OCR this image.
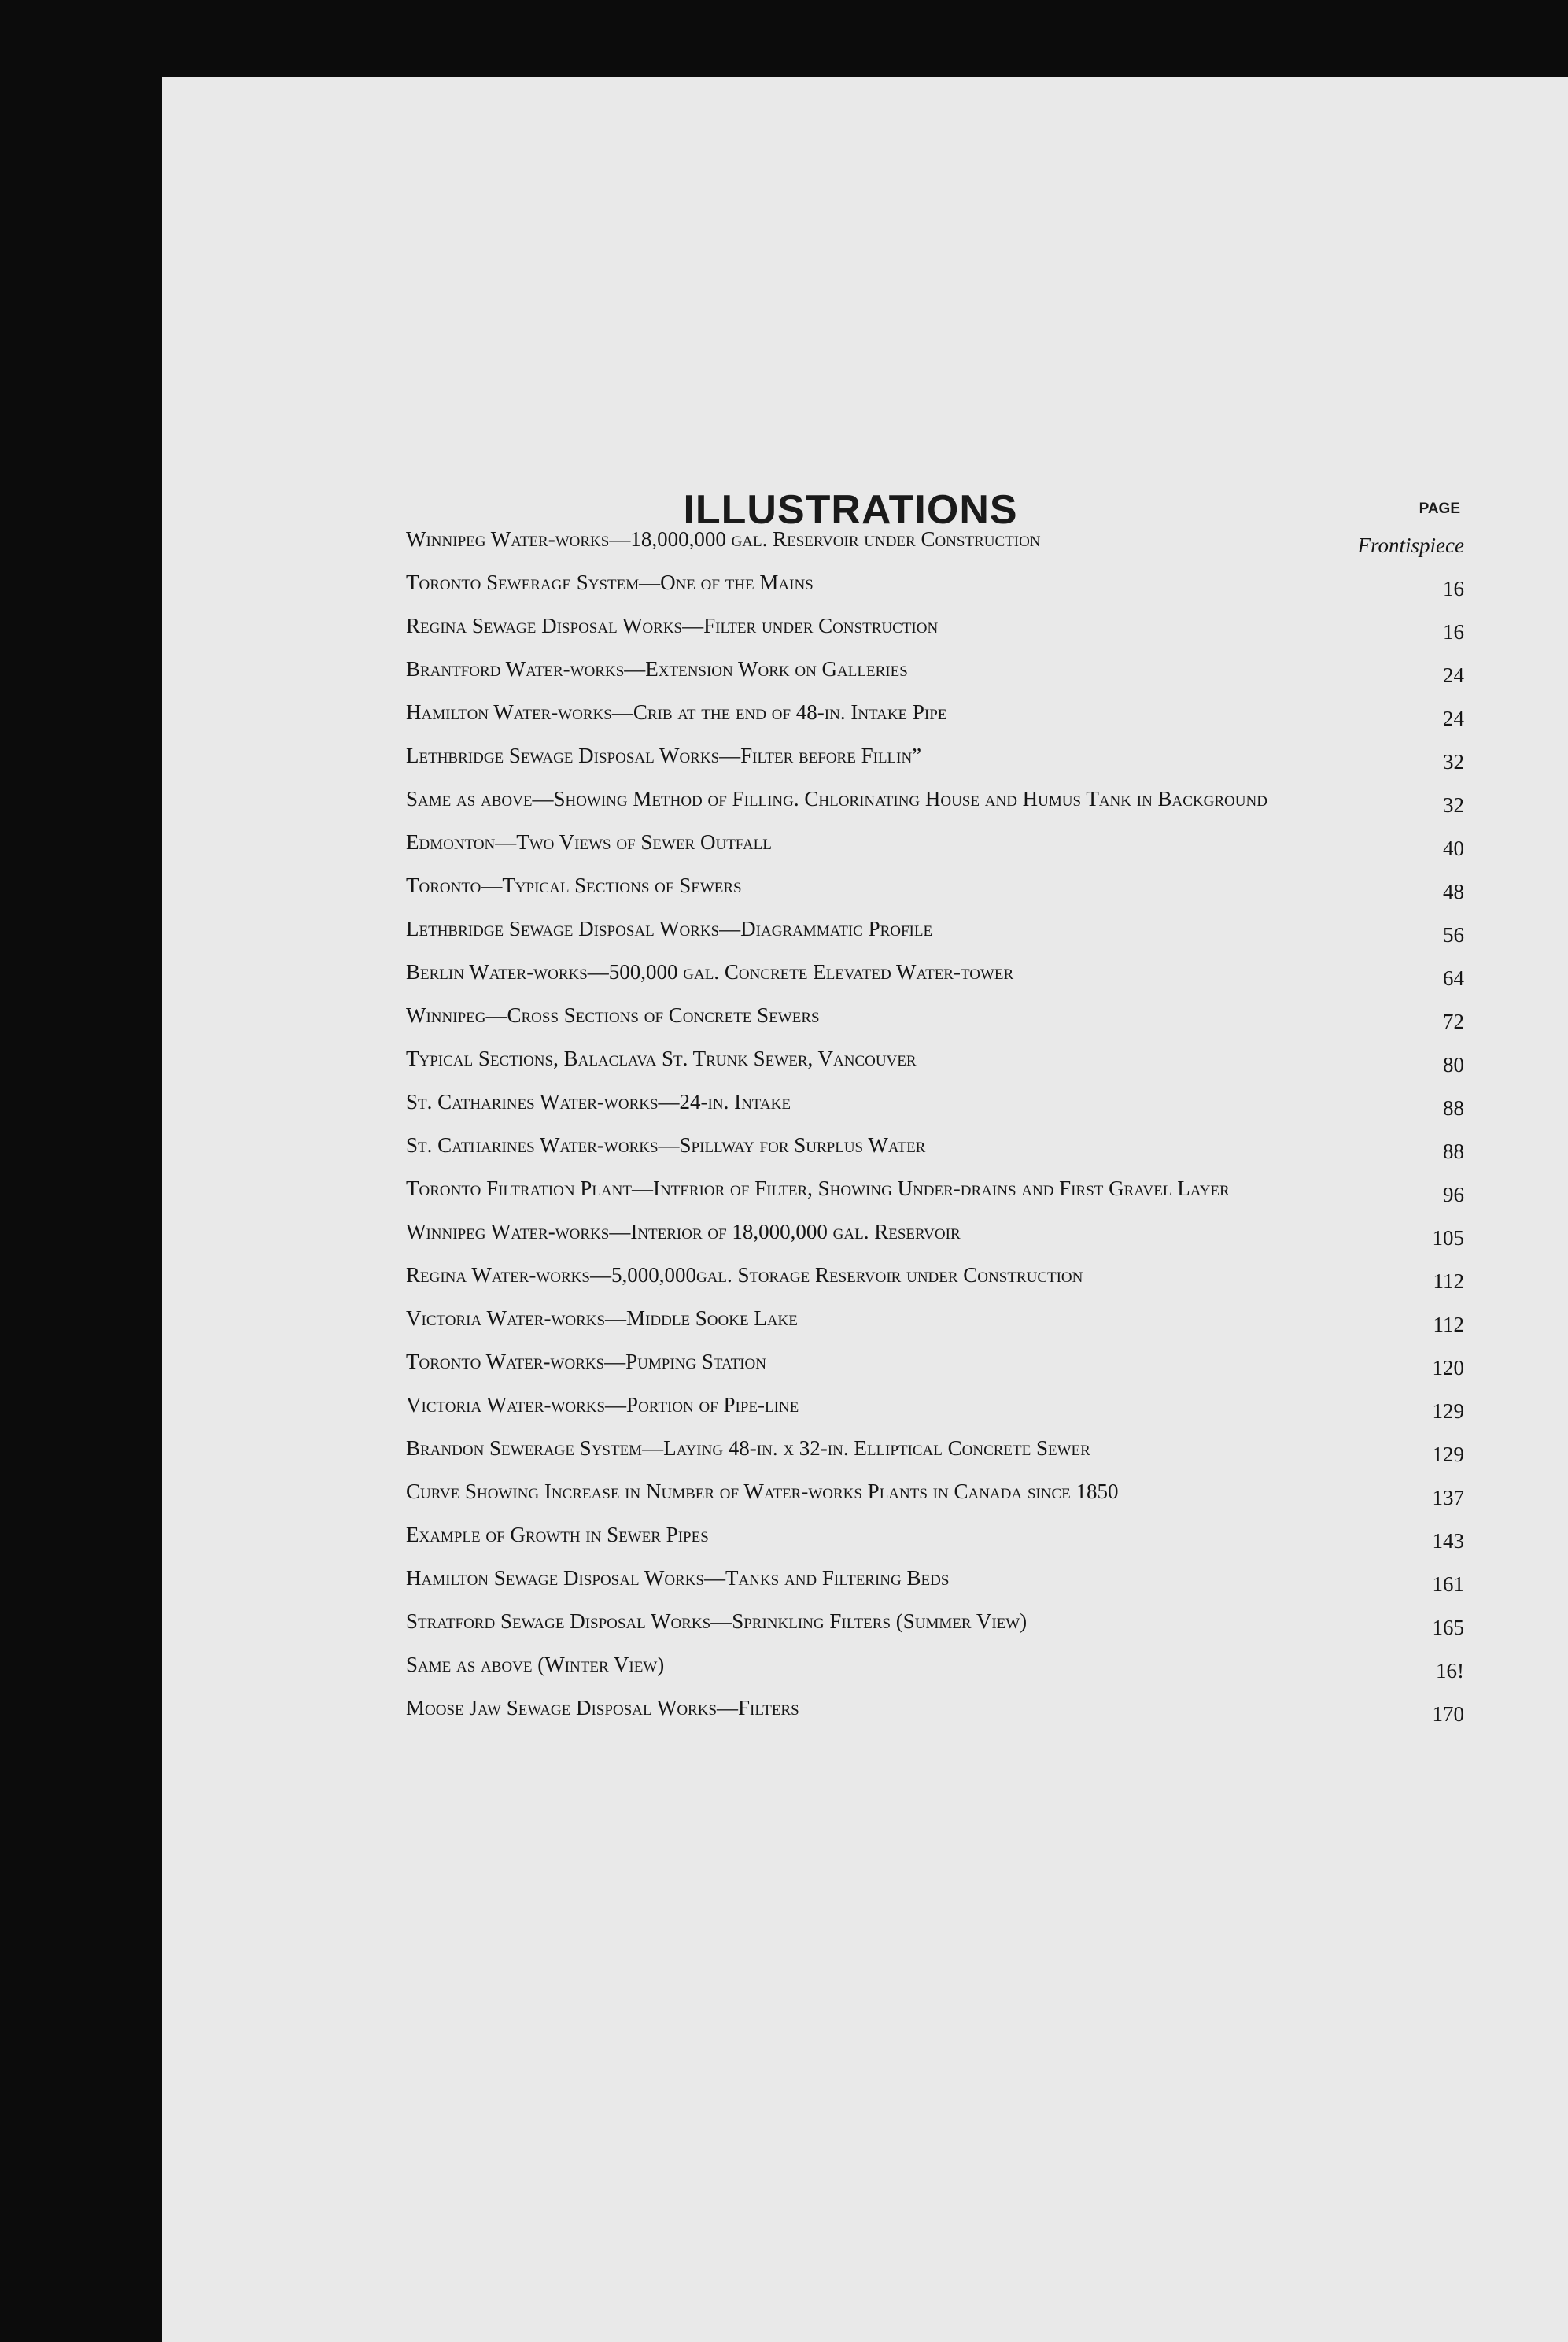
ILLUSTRATIONS	PAGE
Winnipeg Water-works—18,000,000 gal. Reservoir under Construction	Frontispiece
Toronto Sewerage System—One of the Mains	16
Regina Sewage Disposal Works—Filter under Construction	16
Brantford Water-works—Extension Work on Galleries	24
Hamilton Water-works—Crib at the end of 48-in. Intake Pipe	24
Lethbridge Sewage Disposal Works—Filter before Fillin”	32
Same as above—Showing Method of Filling. Chlorinating House and Humus Tank in Background	32
Edmonton—Two Views of Sewer Outfall	40
Toronto—Typical Sections of Sewers	48
Lethbridge Sewage Disposal Works—Diagrammatic Profile	56
Berlin Water-works—500,000 gal. Concrete Elevated Water-tower	64
Winnipeg—Cross Sections of Concrete Sewers	72
Typical Sections, Balaclava St. Trunk Sewer, Vancouver	80
St. Catharines Water-works—24-in. Intake	88
St. Catharines Water-works—Spillway for Surplus Water	88
Toronto Filtration Plant—Interior of Filter, Showing Under-drains and First Gravel Layer	96
Winnipeg Water-works—Interior of 18,000,000 gal. Reservoir	105
Regina Water-works—5,000,000gal. Storage Reservoir under Construction	112
Victoria Water-works—Middle Sooke Lake	112
Toronto Water-works—Pumping Station	120
Victoria Water-works—Portion of Pipe-line	129
Brandon Sewerage System—Laying 48-in. x 32-in. Elliptical Concrete Sewer	129
Curve Showing Increase in Number of Water-works Plants in Canada since 1850	137
Example of Growth in Sewer Pipes	143
Hamilton Sewage Disposal Works—Tanks and Filtering Beds	161
Stratford Sewage Disposal Works—Sprinkling Filters (Summer View)	165
Same as above (Winter View)	16!
Moose Jaw Sewage Disposal Works—Filters	170
